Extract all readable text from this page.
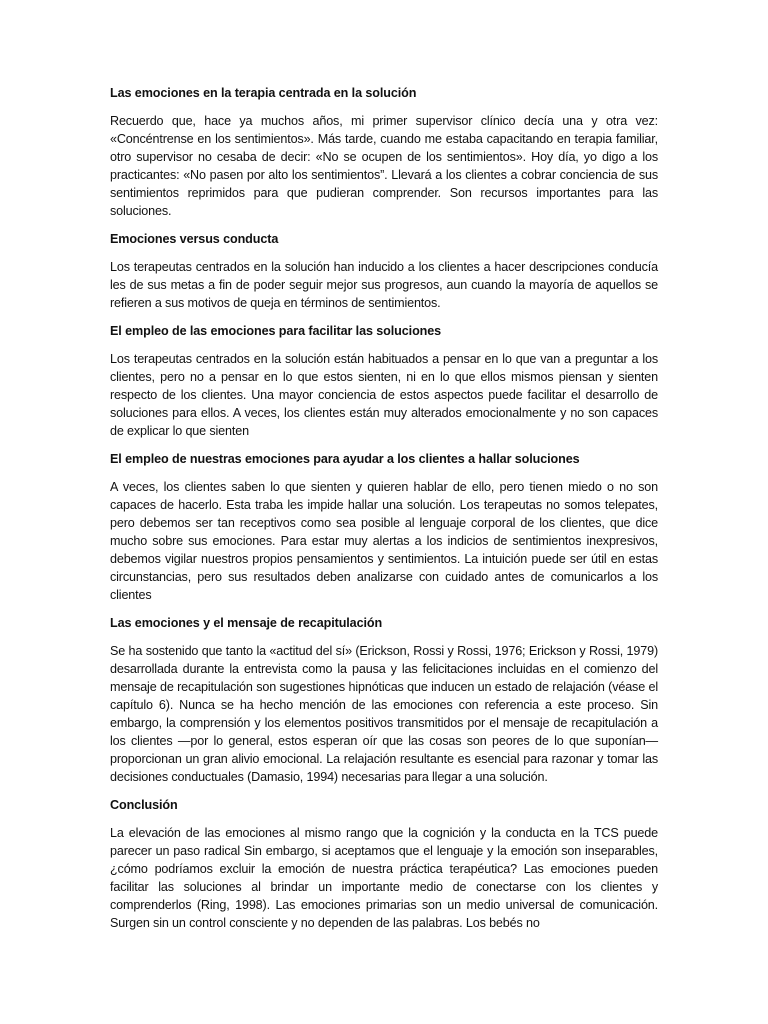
Las emociones en la terapia centrada en la solución
Recuerdo que, hace ya muchos años, mi primer supervisor clínico decía una y otra vez: «Concéntrense en los sentimientos». Más tarde, cuando me estaba capacitando en terapia familiar, otro supervisor no cesaba de decir: «No se ocupen de los sentimientos». Hoy día, yo digo a los practicantes: «No pasen por alto los sentimientos”. Llevará a los clientes a cobrar conciencia de sus sentimientos reprimidos para que pudieran comprender. Son recursos importantes para las soluciones.
Emociones versus conducta
Los terapeutas centrados en la solución han inducido a los clientes a hacer descripciones conducía les de sus metas a fin de poder seguir mejor sus progresos, aun cuando la mayoría de aquellos se refieren a sus motivos de queja en términos de sentimientos.
El empleo de las emociones para facilitar las soluciones
Los terapeutas centrados en la solución están habituados a pensar en lo que van a preguntar a los clientes, pero no a pensar en lo que estos sienten, ni en lo que ellos mismos piensan y sienten respecto de los clientes. Una mayor conciencia de estos aspectos puede facilitar el desarrollo de soluciones para ellos. A veces, los clientes están muy alterados emocionalmente y no son capaces de explicar lo que sienten
El empleo de nuestras emociones para ayudar a los clientes a hallar soluciones
A veces, los clientes saben lo que sienten y quieren hablar de ello, pero tienen miedo o no son capaces de hacerlo. Esta traba les impide hallar una solución. Los terapeutas no somos telepates, pero debemos ser tan receptivos como sea posible al lenguaje corporal de los clientes, que dice mucho sobre sus emociones. Para estar muy alertas a los indicios de sentimientos inexpresivos, debemos vigilar nuestros propios pensamientos y sentimientos. La intuición puede ser útil en estas circunstancias, pero sus resultados deben analizarse con cuidado antes de comunicarlos a los clientes
Las emociones y el mensaje de recapitulación
Se ha sostenido que tanto la «actitud del sí» (Erickson, Rossi y Rossi, 1976; Erickson y Rossi, 1979) desarrollada durante la entrevista como la pausa y las felicitaciones incluidas en el comienzo del mensaje de recapitulación son sugestiones hipnóticas que inducen un estado de relajación (véase el capítulo 6). Nunca se ha hecho mención de las emociones con referencia a este proceso. Sin embargo, la comprensión y los elementos positivos transmitidos por el mensaje de recapitulación a los clientes —por lo general, estos esperan oír que las cosas son peores de lo que suponían— proporcionan un gran alivio emocional. La relajación resultante es esencial para razonar y tomar las decisiones conductuales (Damasio, 1994) necesarias para llegar a una solución.
Conclusión
La elevación de las emociones al mismo rango que la cognición y la conducta en la TCS puede parecer un paso radical Sin embargo, si aceptamos que el lenguaje y la emoción son inseparables, ¿cómo podríamos excluir la emoción de nuestra práctica terapéutica? Las emociones pueden facilitar las soluciones al brindar un importante medio de conectarse con los clientes y comprenderlos (Ring, 1998). Las emociones primarias son un medio universal de comunicación. Surgen sin un control consciente y no dependen de las palabras. Los bebés no
